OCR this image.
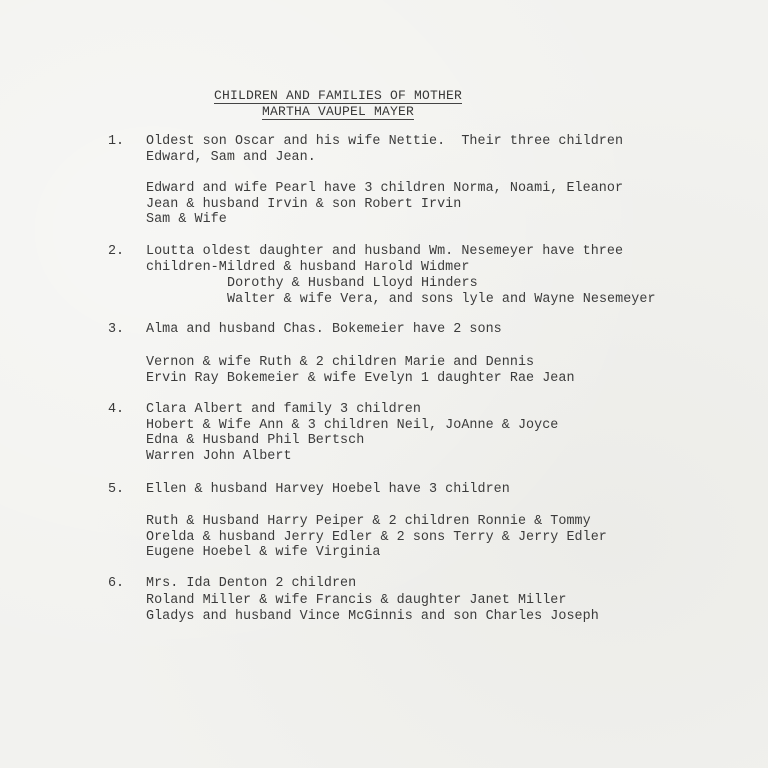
CHILDREN AND FAMILIES OF MOTHER
MARTHA VAUPEL MAYER
1. Oldest son Oscar and his wife Nettie.  Their three children
Edward, Sam and Jean.
Edward and wife Pearl have 3 children Norma, Noami, Eleanor
Jean & husband Irvin & son Robert Irvin
Sam & Wife
2. Loutta oldest daughter and husband Wm. Nesemeyer have three
children-Mildred & husband Harold Widmer
Dorothy & Husband Lloyd Hinders
Walter & wife Vera, and sons lyle and Wayne Nesemeyer
3. Alma and husband Chas. Bokemeier have 2 sons
Vernon & wife Ruth & 2 children Marie and Dennis
Ervin Ray Bokemeier & wife Evelyn 1 daughter Rae Jean
4. Clara Albert and family 3 children
Hobert & Wife Ann & 3 children Neil, JoAnne & Joyce
Edna & Husband Phil Bertsch
Warren John Albert
5. Ellen & husband Harvey Hoebel have 3 children
Ruth & Husband Harry Peiper & 2 children Ronnie & Tommy
Orelda & husband Jerry Edler & 2 sons Terry & Jerry Edler
Eugene Hoebel & wife Virginia
6. Mrs. Ida Denton 2 children
Roland Miller & wife Francis & daughter Janet Miller
Gladys and husband Vince McGinnis and son Charles Joseph
